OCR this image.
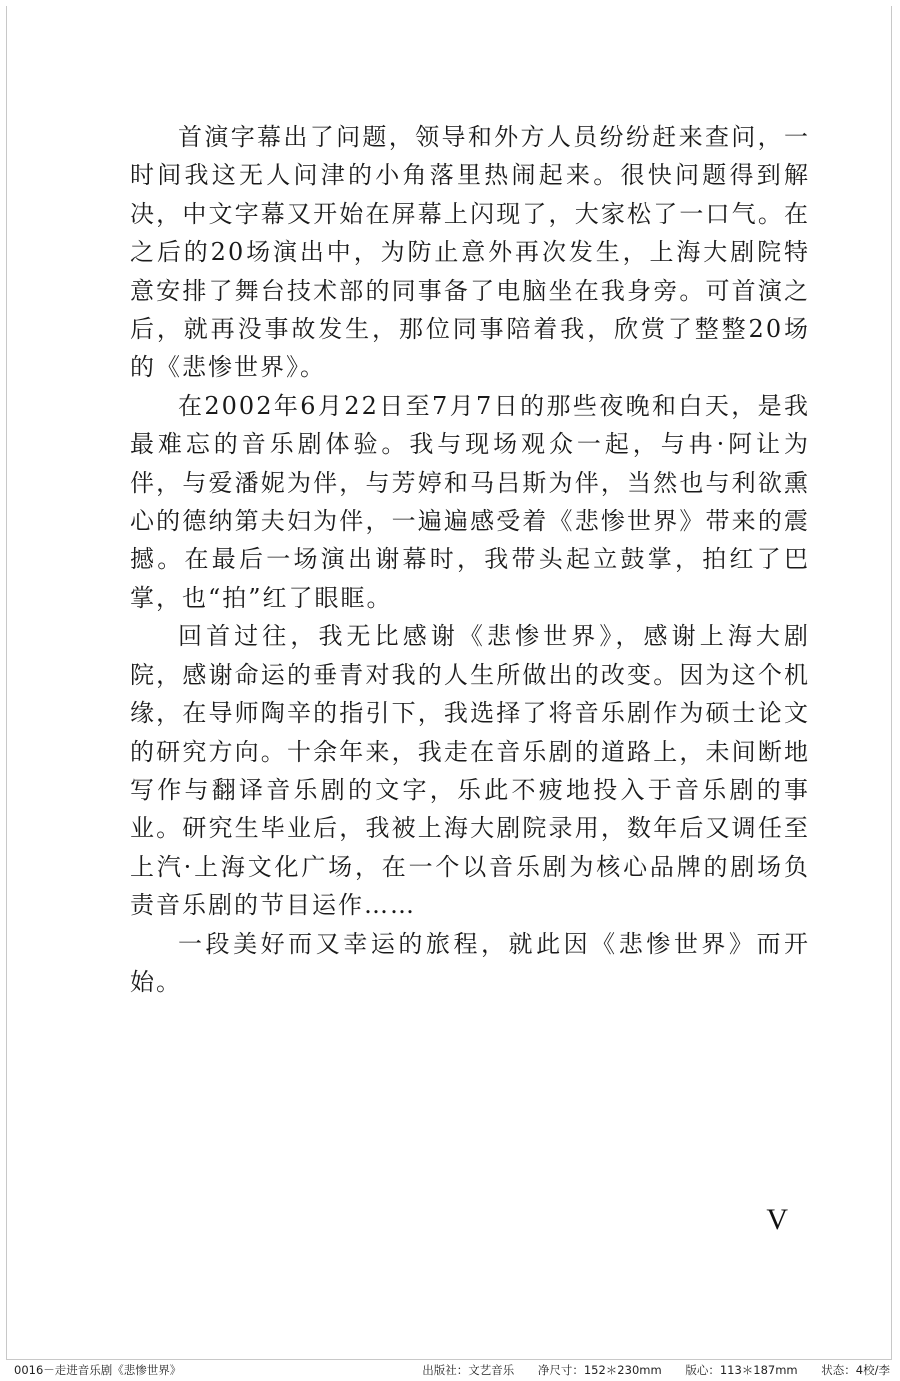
首演字幕出了问题，领导和外方人员纷纷赶来查问，一时间我这无人问津的小角落里热闹起来。很快问题得到解决，中文字幕又开始在屏幕上闪现了，大家松了一口气。在之后的20场演出中，为防止意外再次发生，上海大剧院特意安排了舞台技术部的同事备了电脑坐在我身旁。可首演之后，就再没事故发生，那位同事陪着我，欣赏了整整20场的《悲惨世界》。

在2002年6月22日至7月7日的那些夜晚和白天，是我最难忘的音乐剧体验。我与现场观众一起，与冉·阿让为伴，与爱潘妮为伴，与芳婷和马吕斯为伴，当然也与利欲熏心的德纳第夫妇为伴，一遍遍感受着《悲惨世界》带来的震撼。在最后一场演出谢幕时，我带头起立鼓掌，拍红了巴掌，也“拍”红了眼眶。

回首过往，我无比感谢《悲惨世界》，感谢上海大剧院，感谢命运的垂青对我的人生所做出的改变。因为这个机缘，在导师陶辛的指引下，我选择了将音乐剧作为硕士论文的研究方向。十余年来，我走在音乐剧的道路上，未间断地写作与翻译音乐剧的文字，乐此不疲地投入于音乐剧的事业。研究生毕业后，我被上海大剧院录用，数年后又调任至上汽·上海文化广场，在一个以音乐剧为核心品牌的剧场负责音乐剧的节目运作……

一段美好而又幸运的旅程，就此因《悲惨世界》而开始。

V
0016－走进音乐剧《悲惨世界》	出版社：文艺音乐 净尺寸：152＊230mm 版心：113＊187mm 状态：4校/李
